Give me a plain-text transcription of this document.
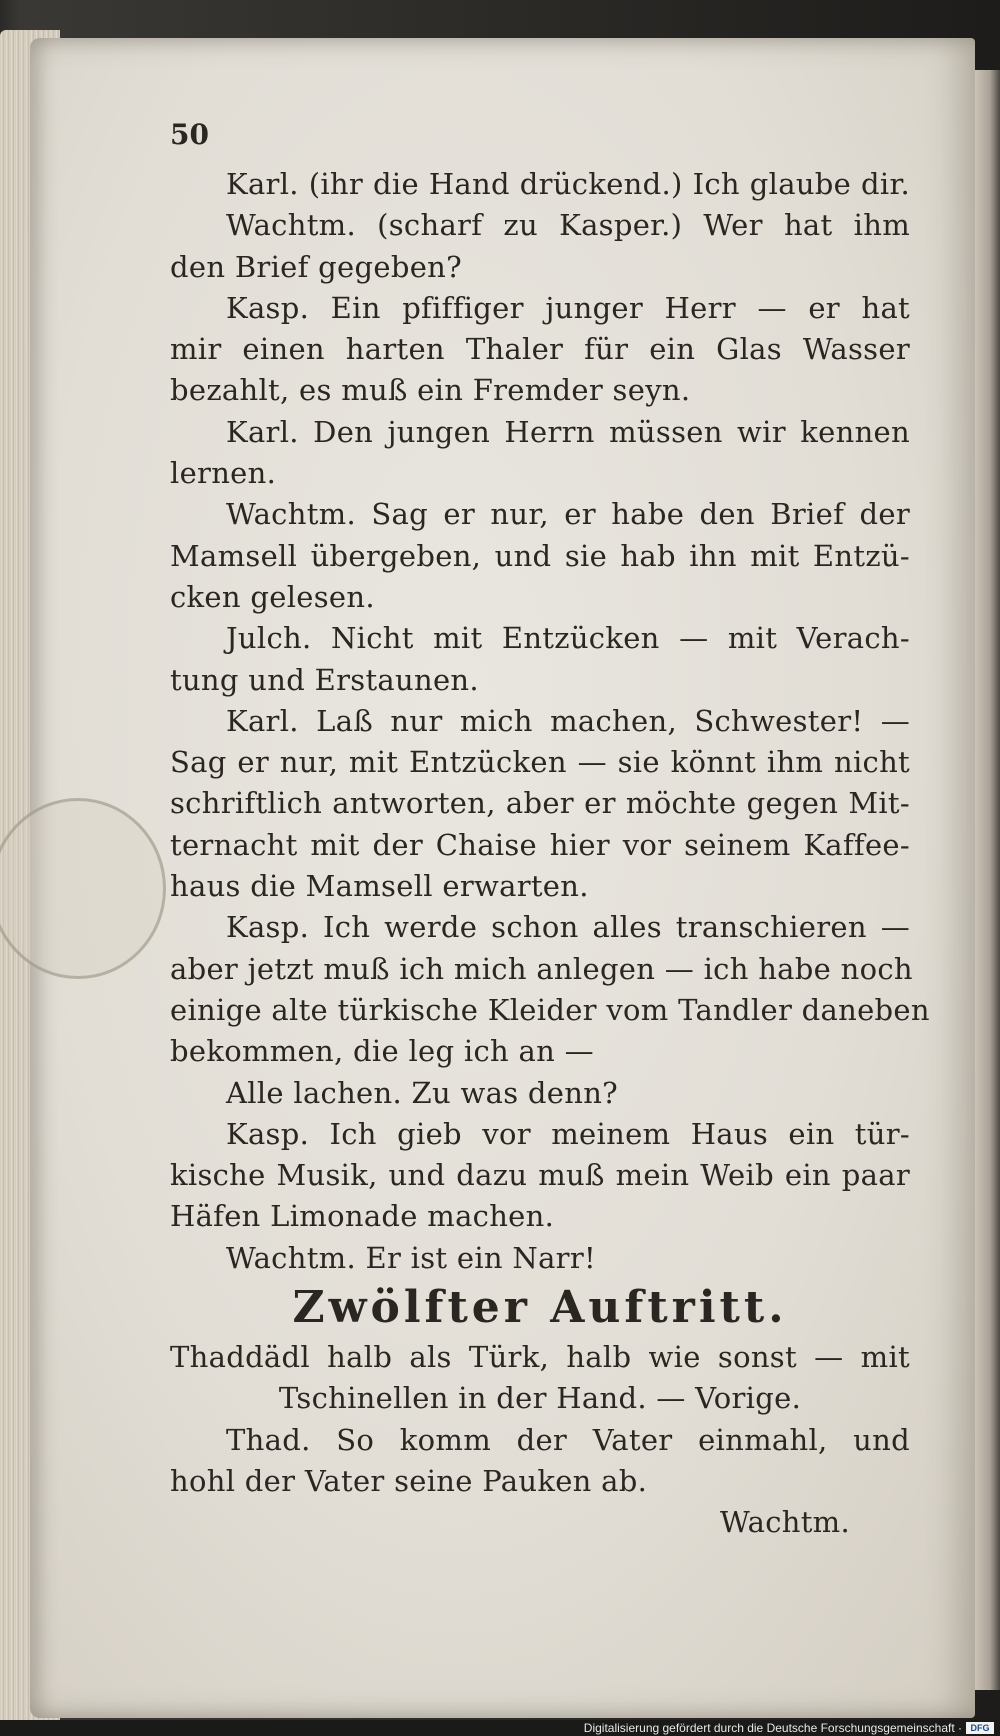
50
Karl. (ihr die Hand drückend.) Ich glaube dir.
Wachtm. (scharf zu Kasper.) Wer hat ihm
den Brief gegeben?
Kasp. Ein pfiffiger junger Herr — er hat
mir einen harten Thaler für ein Glas Wasser
bezahlt, es muß ein Fremder seyn.
Karl. Den jungen Herrn müssen wir kennen
lernen.
Wachtm. Sag er nur, er habe den Brief der
Mamsell übergeben, und sie hab ihn mit Entzü-
cken gelesen.
Julch. Nicht mit Entzücken — mit Verach-
tung und Erstaunen.
Karl. Laß nur mich machen, Schwester! —
Sag er nur, mit Entzücken — sie könnt ihm nicht
schriftlich antworten, aber er möchte gegen Mit-
ternacht mit der Chaise hier vor seinem Kaffee-
haus die Mamsell erwarten.
Kasp. Ich werde schon alles transchieren —
aber jetzt muß ich mich anlegen — ich habe noch
einige alte türkische Kleider vom Tandler daneben
bekommen, die leg ich an —
Alle lachen. Zu was denn?
Kasp. Ich gieb vor meinem Haus ein tür-
kische Musik, und dazu muß mein Weib ein paar
Häfen Limonade machen.
Wachtm. Er ist ein Narr!
Zwölfter Auftritt.
Thaddädl halb als Türk, halb wie sonst — mit
Tschinellen in der Hand. — Vorige.
Thad. So komm der Vater einmahl, und
hohl der Vater seine Pauken ab.
Wachtm.
Digitalisierung gefördert durch die Deutsche Forschungsgemeinschaft · DFG
